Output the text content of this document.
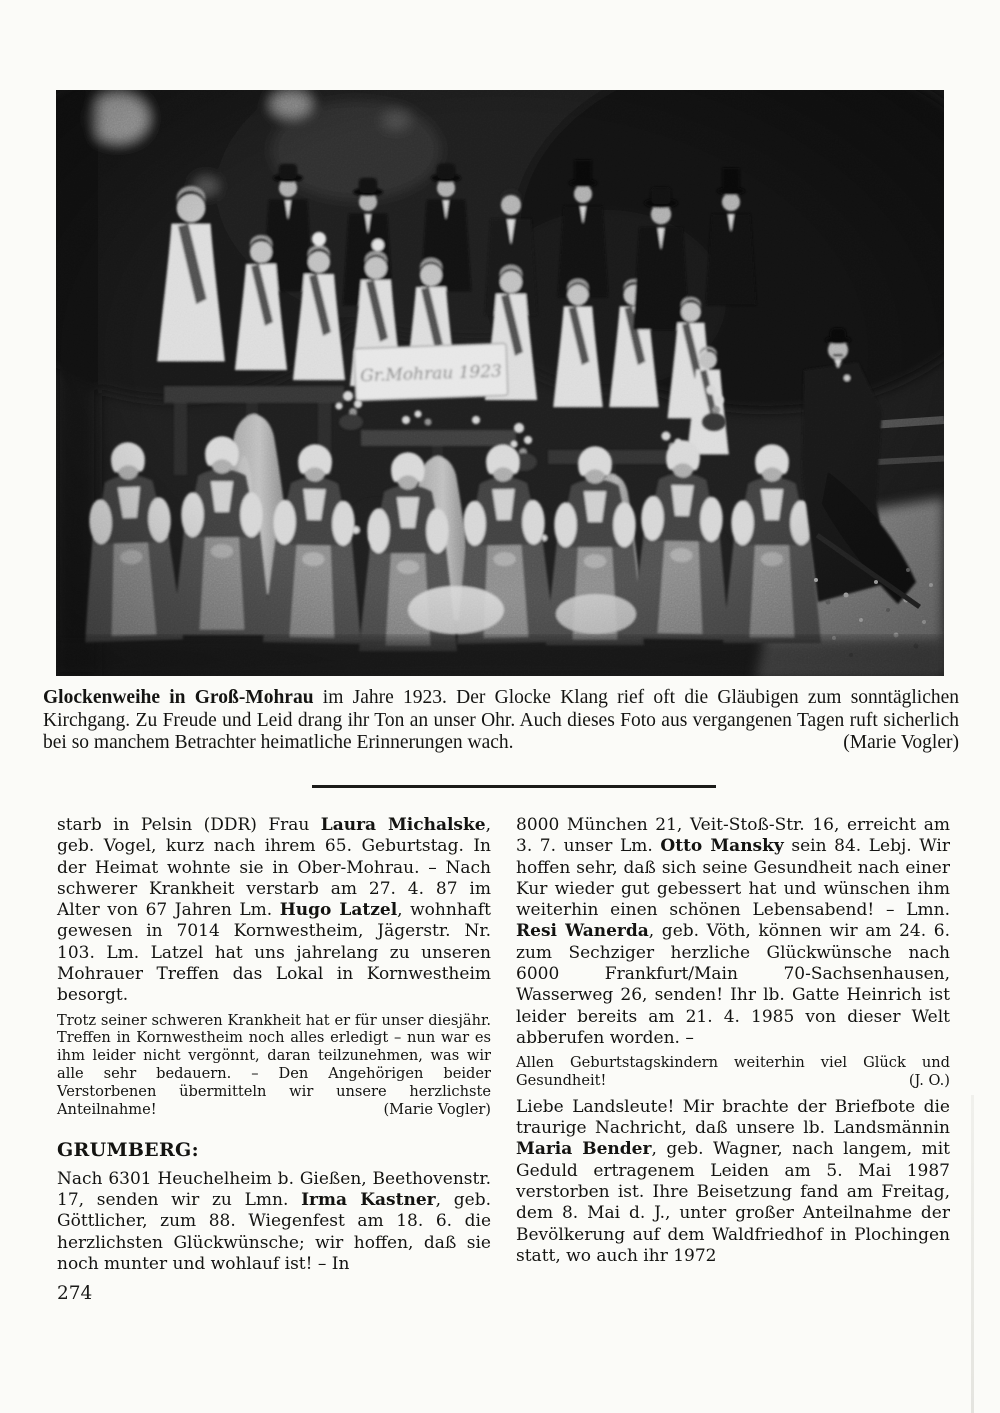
Glockenweihe in Groß-Mohrau im Jahre 1923. Der Glocke Klang rief oft die Gläubigen zum sonntäglichen Kirchgang. Zu Freude und Leid drang ihr Ton an unser Ohr. Auch dieses Foto aus vergangenen Tagen ruft sicherlich bei so manchem Betrachter heimatliche Erinnerungen wach.	(Marie Vogler)
starb in Pelsin (DDR) Frau Laura Michalske, geb. Vogel, kurz nach ihrem 65. Geburtstag. In der Heimat wohnte sie in Ober-Mohrau. – Nach schwerer Krankheit verstarb am 27. 4. 87 im Alter von 67 Jahren Lm. Hugo Latzel, wohnhaft gewesen in 7014 Kornwestheim, Jägerstr. Nr. 103. Lm. Latzel hat uns jahrelang zu unseren Mohrauer Treffen das Lokal in Kornwestheim besorgt.
Trotz seiner schweren Krankheit hat er für unser diesjähr. Treffen in Kornwestheim noch alles erledigt – nun war es ihm leider nicht vergönnt, daran teilzunehmen, was wir alle sehr bedauern. – Den Angehörigen beider Verstorbenen übermitteln wir unsere herzlichste Anteilnahme!	(Marie Vogler)
GRUMBERG:
Nach 6301 Heuchelheim b. Gießen, Beethovenstr. 17, senden wir zu Lmn. Irma Kastner, geb. Göttlicher, zum 88. Wiegenfest am 18. 6. die herzlichsten Glückwünsche; wir hoffen, daß sie noch munter und wohlauf ist! – In
8000 München 21, Veit-Stoß-Str. 16, erreicht am 3. 7. unser Lm. Otto Mansky sein 84. Lebj. Wir hoffen sehr, daß sich seine Gesundheit nach einer Kur wieder gut gebessert hat und wünschen ihm weiterhin einen schönen Lebensabend! – Lmn. Resi Wanerda, geb. Vöth, können wir am 24. 6. zum Sechziger herzliche Glückwünsche nach 6000 Frankfurt/Main 70-Sachsenhausen, Wasserweg 26, senden! Ihr lb. Gatte Heinrich ist leider bereits am 21. 4. 1985 von dieser Welt abberufen worden. –
Allen Geburtstagskindern weiterhin viel Glück und Gesundheit!	(J. O.)
Liebe Landsleute! Mir brachte der Briefbote die traurige Nachricht, daß unsere lb. Landsmännin Maria Bender, geb. Wagner, nach langem, mit Geduld ertragenem Leiden am 5. Mai 1987 verstorben ist. Ihre Beisetzung fand am Freitag, dem 8. Mai d. J., unter großer Anteilnahme der Bevölkerung auf dem Waldfriedhof in Plochingen statt, wo auch ihr 1972
274
